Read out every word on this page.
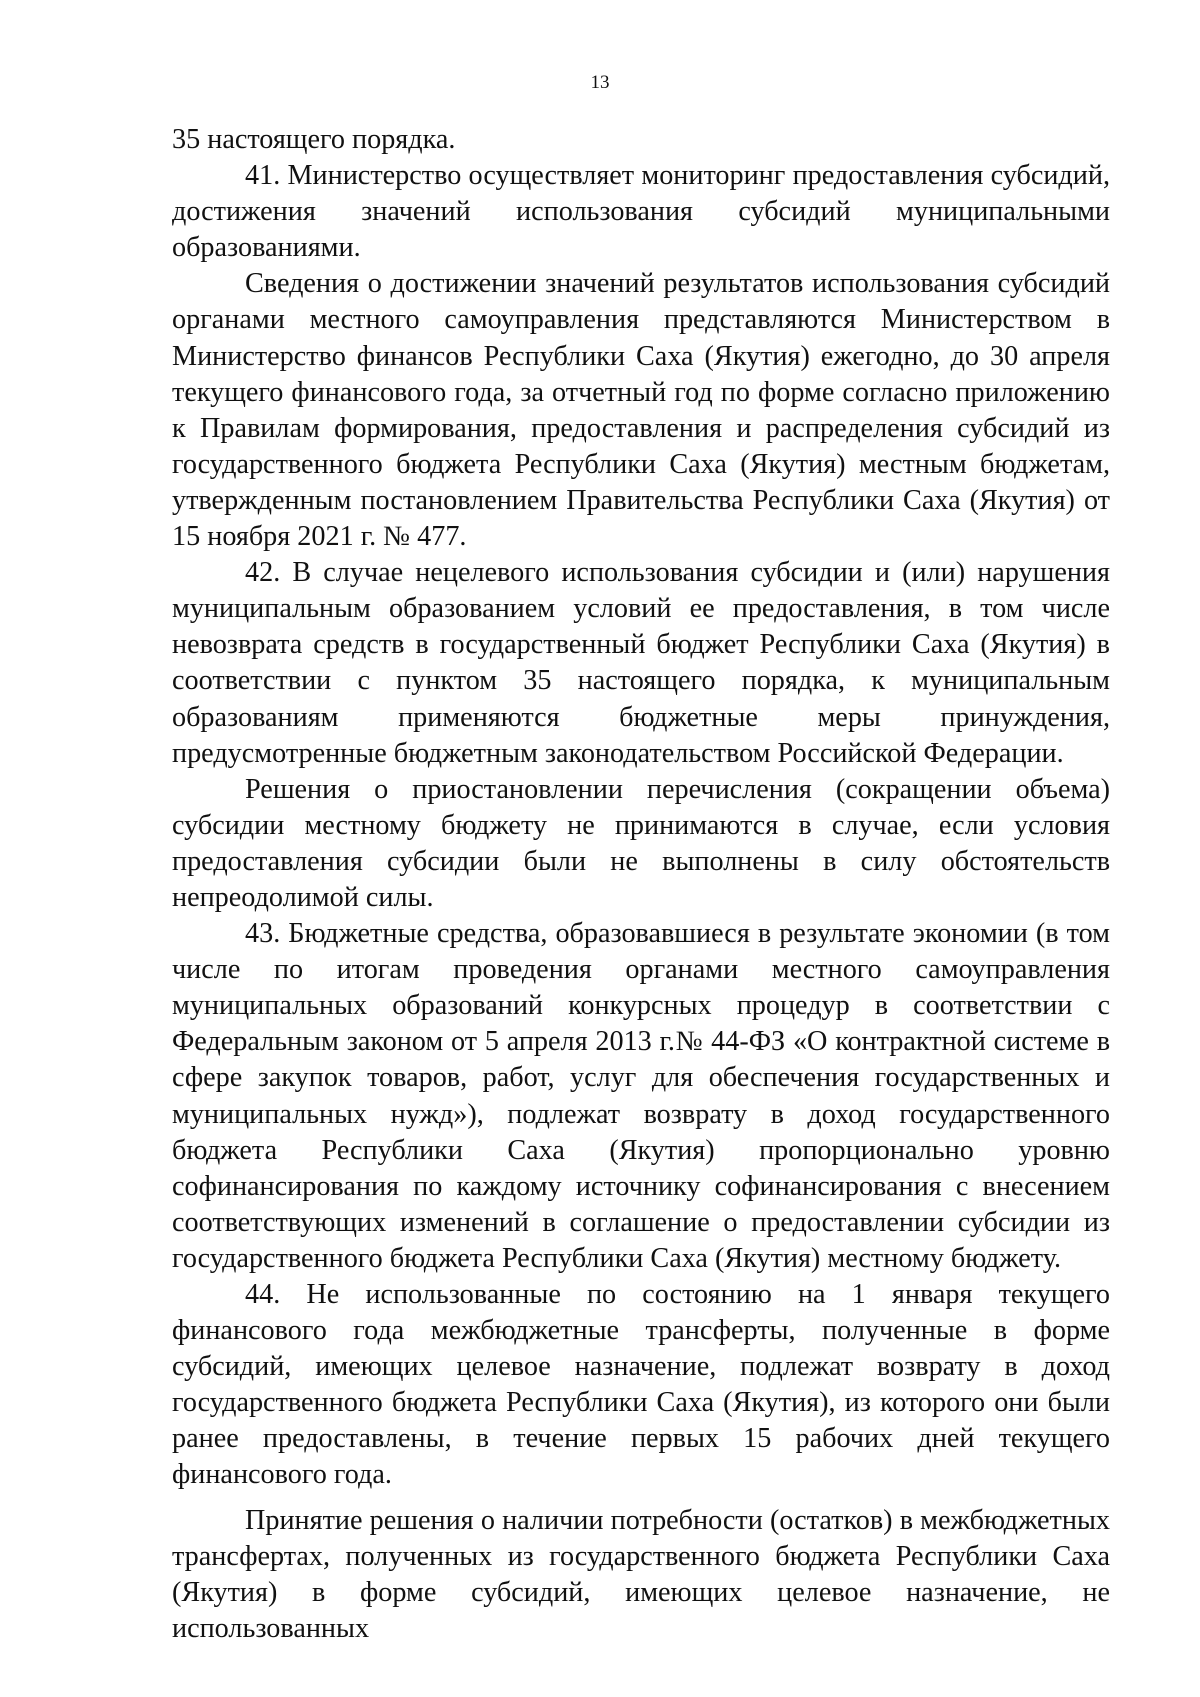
13

35 настоящего порядка.

41. Министерство осуществляет мониторинг предоставления субсидий, достижения значений использования субсидий муниципальными образованиями.

Сведения о достижении значений результатов использования субсидий органами местного самоуправления представляются Министерством в Министерство финансов Республики Саха (Якутия) ежегодно, до 30 апреля текущего финансового года, за отчетный год по форме согласно приложению к Правилам формирования, предоставления и распределения субсидий из государственного бюджета Республики Саха (Якутия) местным бюджетам, утвержденным постановлением Правительства Республики Саха (Якутия) от 15 ноября 2021 г. № 477.

42. В случае нецелевого использования субсидии и (или) нарушения муниципальным образованием условий ее предоставления, в том числе невозврата средств в государственный бюджет Республики Саха (Якутия) в соответствии с пунктом 35 настоящего порядка, к муниципальным образованиям применяются бюджетные меры принуждения, предусмотренные бюджетным законодательством Российской Федерации.

Решения о приостановлении перечисления (сокращении объема) субсидии местному бюджету не принимаются в случае, если условия предоставления субсидии были не выполнены в силу обстоятельств непреодолимой силы.

43. Бюджетные средства, образовавшиеся в результате экономии (в том числе по итогам проведения органами местного самоуправления муниципальных образований конкурсных процедур в соответствии с Федеральным законом от 5 апреля 2013 г.№ 44-ФЗ «О контрактной системе в сфере закупок товаров, работ, услуг для обеспечения государственных и муниципальных нужд»), подлежат возврату в доход государственного бюджета Республики Саха (Якутия) пропорционально уровню софинансирования по каждому источнику софинансирования с внесением соответствующих изменений в соглашение о предоставлении субсидии из государственного бюджета Республики Саха (Якутия) местному бюджету.

44. Не использованные по состоянию на 1 января текущего финансового года межбюджетные трансферты, полученные в форме субсидий, имеющих целевое назначение, подлежат возврату в доход государственного бюджета Республики Саха (Якутия), из которого они были ранее предоставлены, в течение первых 15 рабочих дней текущего финансового года.

Принятие решения о наличии потребности (остатков) в межбюджетных трансфертах, полученных из государственного бюджета Республики Саха (Якутия) в форме субсидий, имеющих целевое назначение, не использованных
